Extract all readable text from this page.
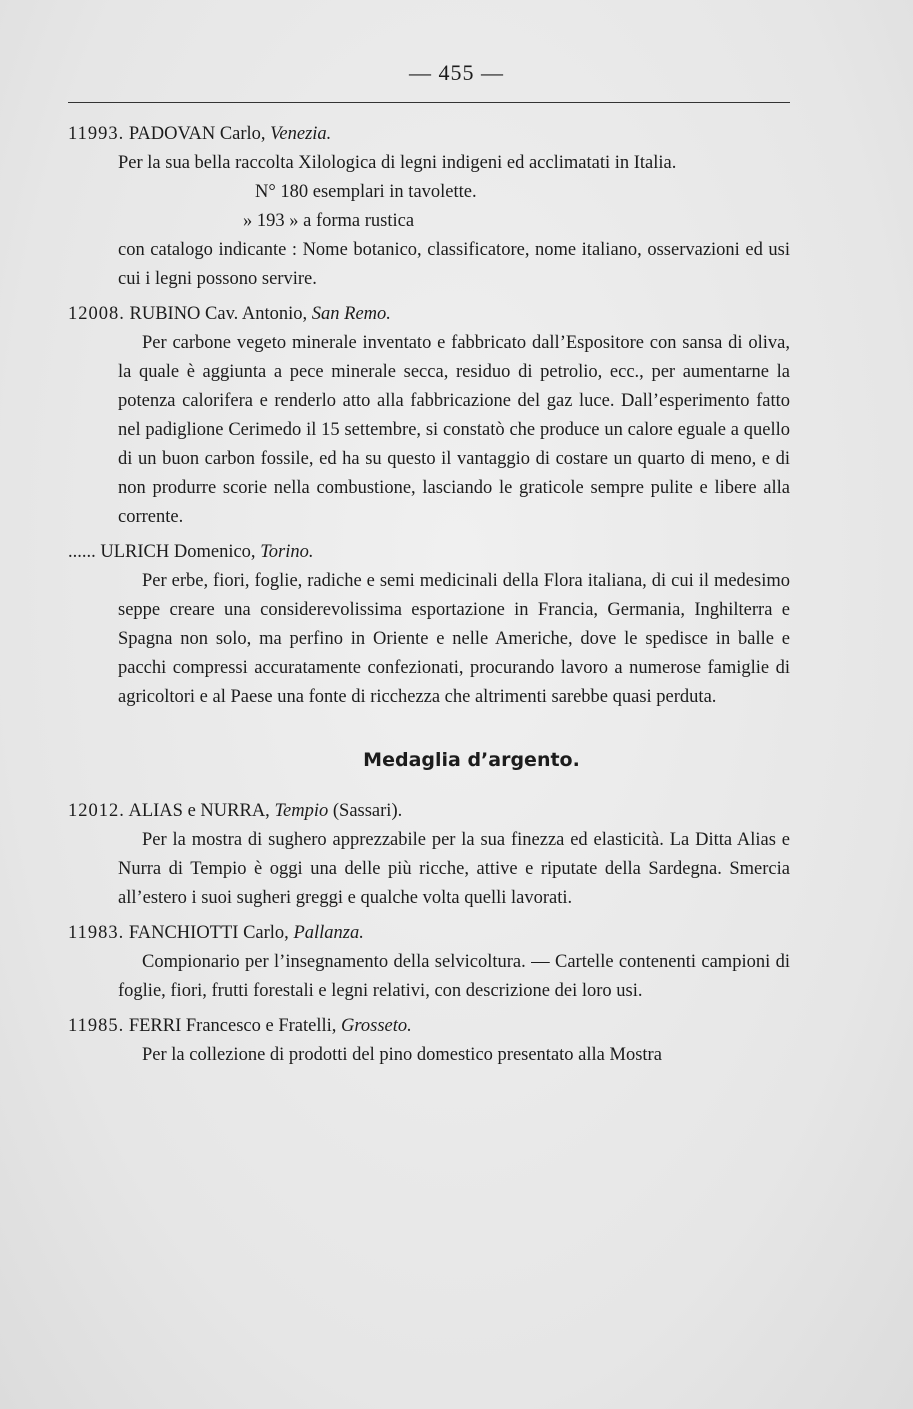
— 455 —

11993. PADOVAN Carlo, Venezia.

Per la sua bella raccolta Xilologica di legni indigeni ed acclimatati in Italia.

N° 180 esemplari in tavolette.

» 193 » a forma rustica

con catalogo indicante : Nome botanico, classificatore, nome italiano, osservazioni ed usi cui i legni possono servire.

12008. RUBINO Cav. Antonio, San Remo.

Per carbone vegeto minerale inventato e fabbricato dall’Espositore con sansa di oliva, la quale è aggiunta a pece minerale secca, residuo di petrolio, ecc., per aumentarne la potenza calorifera e renderlo atto alla fabbricazione del gaz luce. Dall’esperimento fatto nel padiglione Cerimedo il 15 settembre, si constatò che produce un calore eguale a quello di un buon carbon fossile, ed ha su questo il vantaggio di costare un quarto di meno, e di non produrre scorie nella combustione, lasciando le graticole sempre pulite e libere alla corrente.

...... ULRICH Domenico, Torino.

Per erbe, fiori, foglie, radiche e semi medicinali della Flora italiana, di cui il medesimo seppe creare una considerevolissima esportazione in Francia, Germania, Inghilterra e Spagna non solo, ma perfino in Oriente e nelle Americhe, dove le spedisce in balle e pacchi compressi accuratamente confezionati, procurando lavoro a numerose famiglie di agricoltori e al Paese una fonte di ricchezza che altrimenti sarebbe quasi perduta.

Medaglia d’argento.

12012. ALIAS e NURRA, Tempio (Sassari).

Per la mostra di sughero apprezzabile per la sua finezza ed elasticità. La Ditta Alias e Nurra di Tempio è oggi una delle più ricche, attive e riputate della Sardegna. Smercia all’estero i suoi sugheri greggi e qualche volta quelli lavorati.

11983. FANCHIOTTI Carlo, Pallanza.

Compionario per l’insegnamento della selvicoltura. — Cartelle contenenti campioni di foglie, fiori, frutti forestali e legni relativi, con descrizione dei loro usi.

11985. FERRI Francesco e Fratelli, Grosseto.

Per la collezione di prodotti del pino domestico presentato alla Mostra
